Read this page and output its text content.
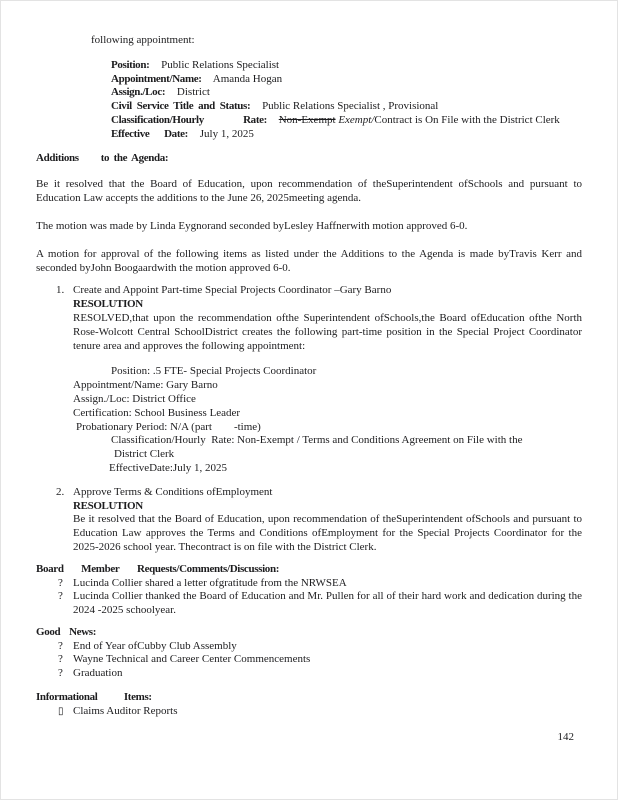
following appointment:
Position: Public Relations Specialist
Appointment/Name: Amanda Hogan
Assign./Loc: District
Civil Service Title and Status: Public Relations Specialist , Provisional
Classification/Hourly        Rate: Non-Exempt Exempt/Contract is On File with the District Clerk
Effective   Date: July 1, 2025
Additions     to the Agenda:
Be it resolved that the Board of Education, upon recommendation of theSuperintendent ofSchools and pursuant to Education Law accepts the additions to the June 26, 2025meeting agenda.
The motion was made by Linda Eygnorand seconded byLesley Haffnerwith motion approved 6-0.
A motion for approval of the following items as listed under the Additions to the Agenda is made byTravis Kerr and seconded byJohn Boogaardwith the motion approved 6-0.
1. Create and Appoint Part-time Special Projects Coordinator –Gary Barno
RESOLUTION
RESOLVED,that upon the recommendation ofthe Superintendent ofSchools,the Board ofEducation ofthe North Rose-Wolcott Central SchoolDistrict creates the following part-time position in the Special Project Coordinator tenure area and approves the following appointment:
Position: .5 FTE- Special Projects Coordinator
Appointment/Name: Gary Barno
Assign./Loc: District Office
Certification: School Business Leader
Probationary Period: N/A (part        -time)
Classification/Hourly  Rate: Non-Exempt / Terms and Conditions Agreement on File with the
District Clerk
EffectiveDate:July 1, 2025
2. Approve Terms & Conditions ofEmployment
RESOLUTION
Be it resolved that the Board of Education, upon recommendation of theSuperintendent ofSchools and pursuant to Education Law approves the Terms and Conditions ofEmployment for the Special Projects Coordinator for the 2025-2026 school year. Thecontract is on file with the District Clerk.
Board    Member    Requests/Comments/Discussion:
? Lucinda Collier shared a letter ofgratitude from the NRWSEA
? Lucinda Collier thanked the Board of Education and Mr. Pullen for all of their hard work and dedication during the 2024 -2025 schoolyear.
Good  News:
? End of Year ofCubby Club Assembly
? Wayne Technical and Career Center Commencements
? Graduation
Informational      Items:
▯ Claims Auditor Reports
142
